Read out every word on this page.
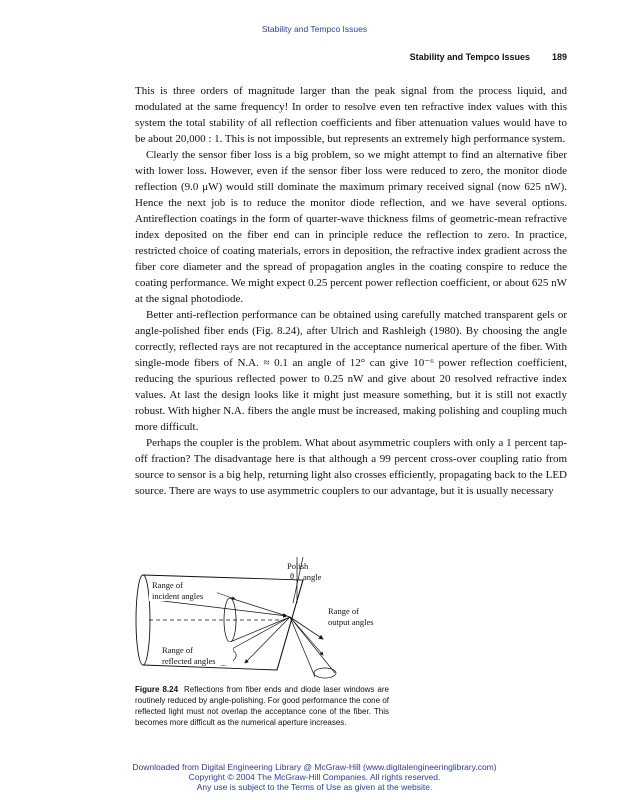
Stability and Tempco Issues
Stability and Tempco Issues 189

This is three orders of magnitude larger than the peak signal from the process liquid, and modulated at the same frequency! In order to resolve even ten refractive index values with this system the total stability of all reflection coefficients and fiber attenuation values would have to be about 20,000 : 1. This is not impossible, but represents an extremely high performance system.

Clearly the sensor fiber loss is a big problem, so we might attempt to find an alternative fiber with lower loss. However, even if the sensor fiber loss were reduced to zero, the monitor diode reflection (9.0 μW) would still dominate the maximum primary received signal (now 625 nW). Hence the next job is to reduce the monitor diode reflection, and we have several options. Antireflection coatings in the form of quarter-wave thickness films of geometric-mean refractive index deposited on the fiber end can in principle reduce the reflection to zero. In practice, restricted choice of coating materials, errors in deposition, the refractive index gradient across the fiber core diameter and the spread of propagation angles in the coating conspire to reduce the coating performance. We might expect 0.25 percent power reflection coefficient, or about 625 nW at the signal photodiode.

Better anti-reflection performance can be obtained using carefully matched transparent gels or angle-polished fiber ends (Fig. 8.24), after Ulrich and Rashleigh (1980). By choosing the angle correctly, reflected rays are not recaptured in the acceptance numerical aperture of the fiber. With single-mode fibers of N.A. ≈ 0.1 an angle of 12° can give 10⁻⁶ power reflection coefficient, reducing the spurious reflected power to 0.25 nW and give about 20 resolved refractive index values. At last the design looks like it might just measure something, but it is still not exactly robust. With higher N.A. fibers the angle must be increased, making polishing and coupling much more difficult.

Perhaps the coupler is the problem. What about asymmetric couplers with only a 1 percent tap-off fraction? The disadvantage here is that although a 99 percent cross-over coupling ratio from source to sensor is a big help, returning light also crosses efficiently, propagating back to the LED source. There are ways to use asymmetric couplers to our advantage, but it is usually necessary

θ
Polish
angle
Range of
incident angles
Range of
output angles
Range of
reflected angles
Figure 8.24 Reflections from fiber ends and diode laser windows are routinely reduced by angle-polishing. For good performance the cone of reflected light must not overlap the acceptance cone of the fiber. This becomes more difficult as the numerical aperture increases.
Downloaded from Digital Engineering Library @ McGraw-Hill (www.digitalengineeringlibrary.com)
Copyright © 2004 The McGraw-Hill Companies. All rights reserved.
Any use is subject to the Terms of Use as given at the website.
